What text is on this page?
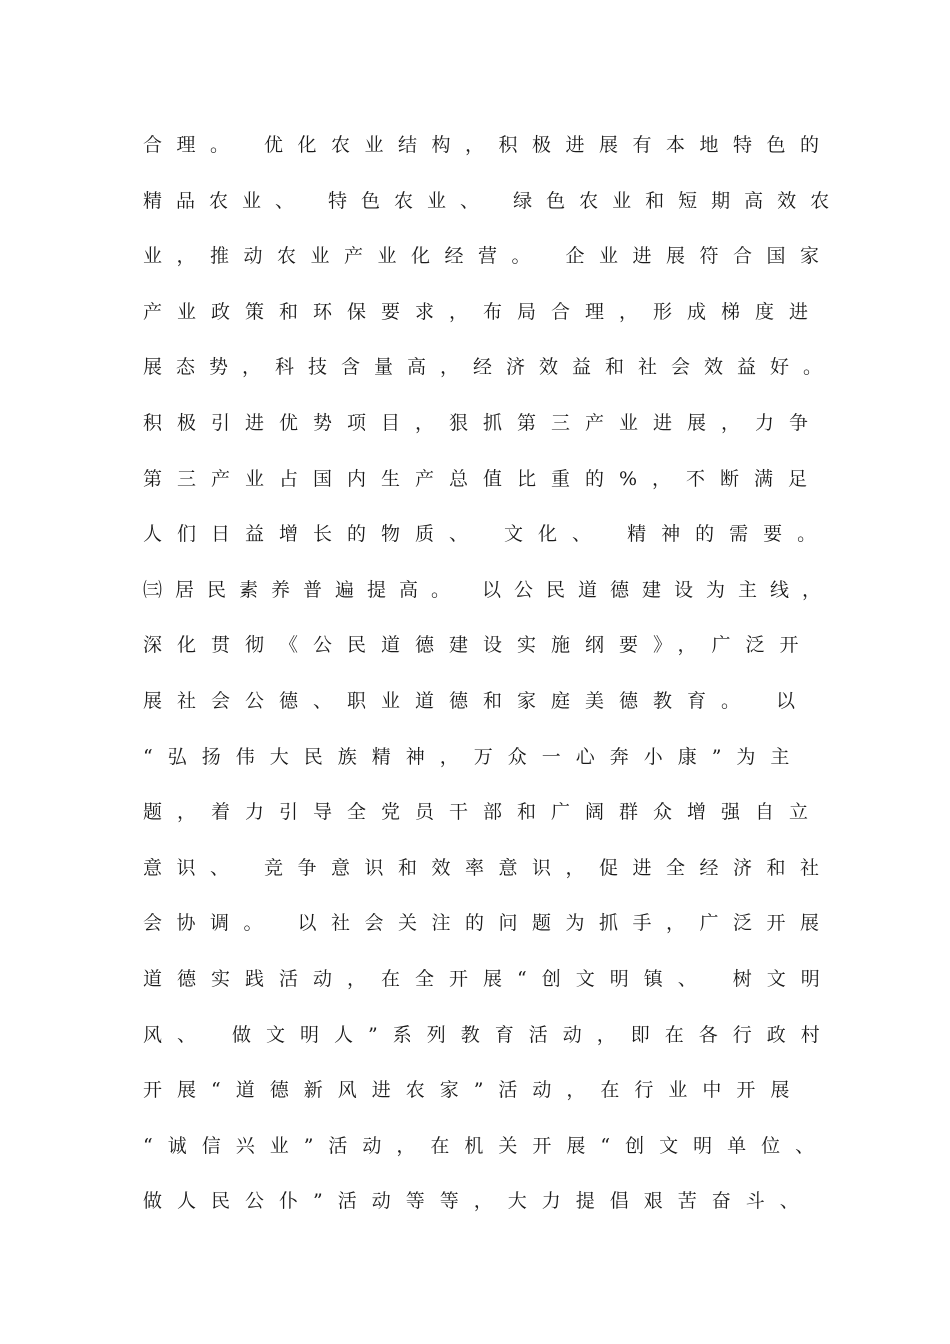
合理。 优化农业结构，积极进展有本地特色的
精品农业、 特色农业、 绿色农业和短期高效农
业，推动农业产业化经营。 企业进展符合国家
产业政策和环保要求，布局合理，形成梯度进
展态势，科技含量高，经济效益和社会效益好。
积极引进优势项目，狠抓第三产业进展，力争
第三产业占国内生产总值比重的%，不断满足
人们日益增长的物质、 文化、 精神的需要。
㈢居民素养普遍提高。 以公民道德建设为主线，
深化贯彻《公民道德建设实施纲要》，广泛开
展社会公德、职业道德和家庭美德教育。 以
“弘扬伟大民族精神，万众一心奔小康”为主
题，着力引导全党员干部和广阔群众增强自立
意识、 竞争意识和效率意识，促进全经济和社
会协调。 以社会关注的问题为抓手，广泛开展
道德实践活动，在全开展“创文明镇、 树文明
风、 做文明人”系列教育活动，即在各行政村
开展“道德新风进农家”活动，在行业中开展
“诚信兴业”活动，在机关开展“创文明单位、
做人民公仆”活动等等，大力提倡艰苦奋斗、
